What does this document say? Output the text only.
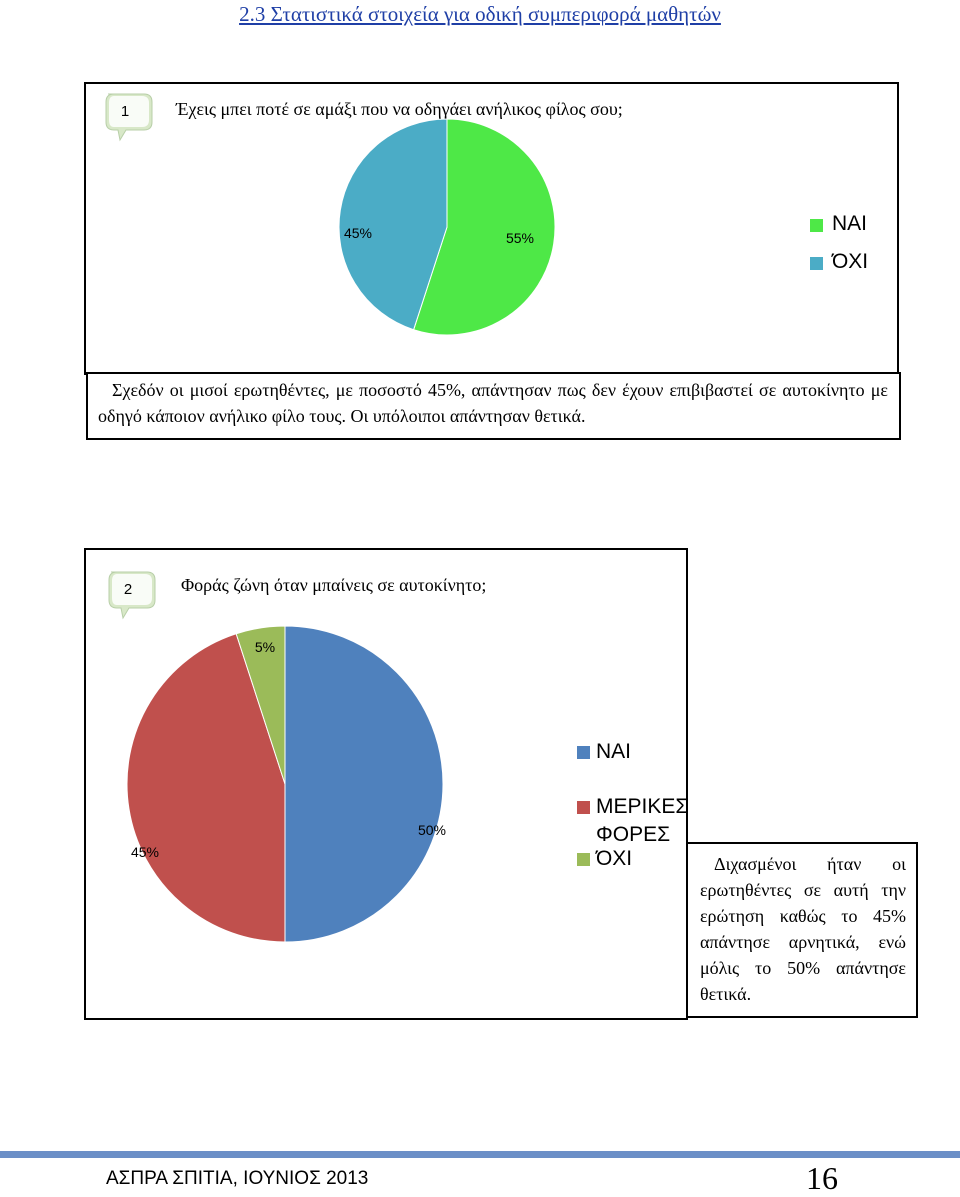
2.3 Στατιστικά στοιχεία για οδική συμπεριφορά μαθητών
1	Έχεις μπει ποτέ σε αμάξι που να οδηγάει ανήλικος φίλος σου;
55%
45%	ΝΑΙ
ΌΧΙ
Σχεδόν οι μισοί ερωτηθέντες, με ποσοστό 45%, απάντησαν πως δεν έχουν επιβιβαστεί σε αυτοκίνητο με οδηγό κάποιον ανήλικο φίλο τους. Οι υπόλοιποι απάντησαν θετικά.
2	Φοράς ζώνη όταν μπαίνεις σε αυτοκίνητο;
50%
45%
5%
ΝΑΙ
ΜΕΡΙΚΕΣ ΦΟΡΕΣ
ΌΧΙ	Διχασμένοι ήταν οι ερωτηθέντες σε αυτή την ερώτηση καθώς το 45% απάντησε αρνητικά, ενώ μόλις το 50% απάντησε θετικά.
ΑΣΠΡΑ ΣΠΙΤΙΑ, ΙΟΥΝΙΟΣ 2013	16
